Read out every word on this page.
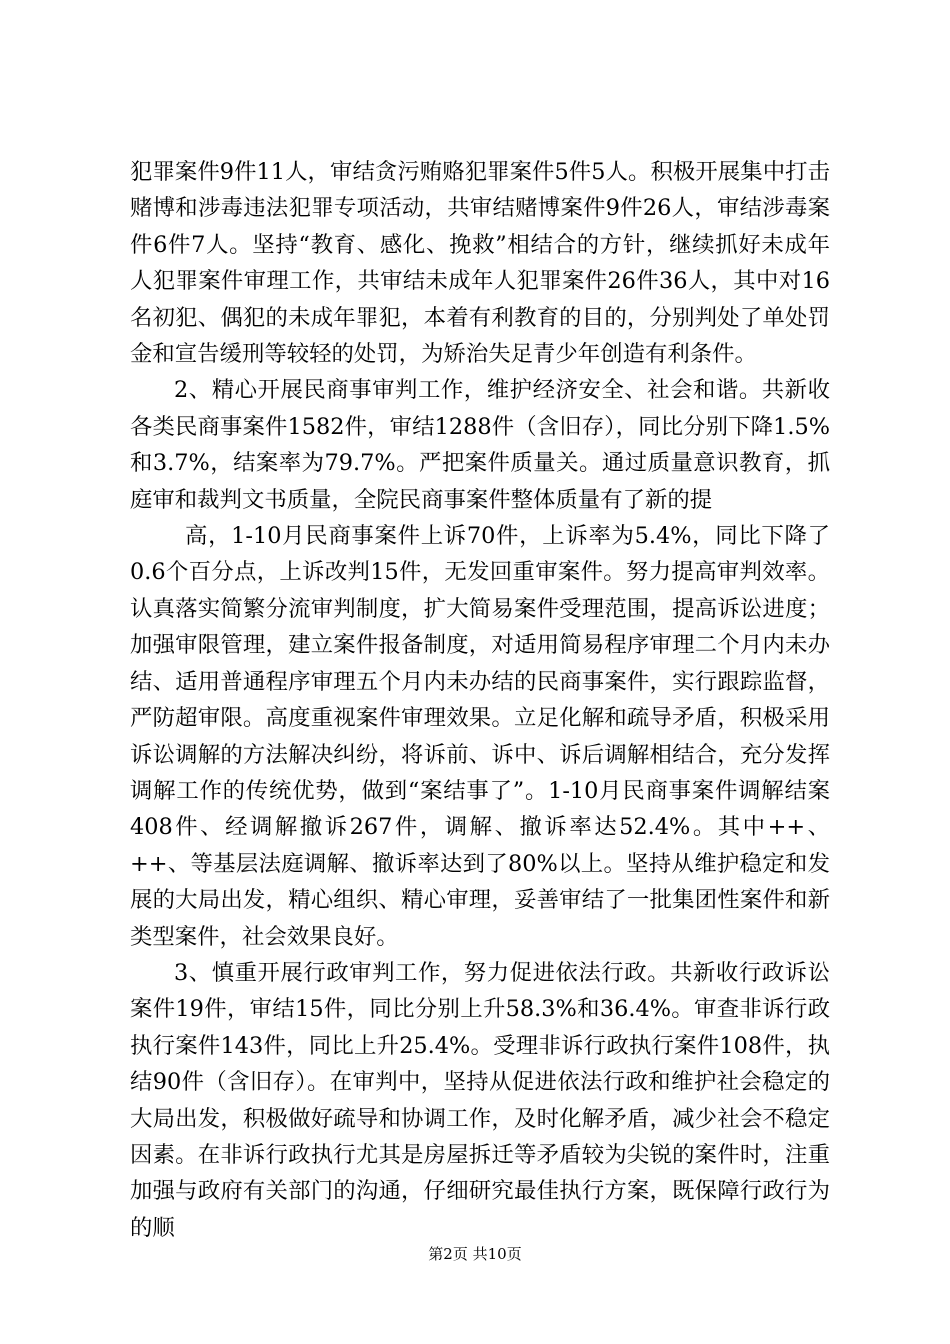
犯罪案件9件11人，审结贪污贿赂犯罪案件5件5人。积极开展集中打击赌博和涉毒违法犯罪专项活动，共审结赌博案件9件26人，审结涉毒案件6件7人。坚持“教育、感化、挽救”相结合的方针，继续抓好未成年人犯罪案件审理工作，共审结未成年人犯罪案件26件36人，其中对16名初犯、偶犯的未成年罪犯，本着有利教育的目的，分别判处了单处罚金和宣告缓刑等较轻的处罚，为矫治失足青少年创造有利条件。

2、精心开展民商事审判工作，维护经济安全、社会和谐。共新收各类民商事案件1582件，审结1288件（含旧存），同比分别下降1.5%和3.7%，结案率为79.7%。严把案件质量关。通过质量意识教育，抓庭审和裁判文书质量，全院民商事案件整体质量有了新的提

高，1-10月民商事案件上诉70件，上诉率为5.4%，同比下降了0.6个百分点，上诉改判15件，无发回重审案件。努力提高审判效率。认真落实简繁分流审判制度，扩大简易案件受理范围，提高诉讼进度；加强审限管理，建立案件报备制度，对适用简易程序审理二个月内未办结、适用普通程序审理五个月内未办结的民商事案件，实行跟踪监督，严防超审限。高度重视案件审理效果。立足化解和疏导矛盾，积极采用诉讼调解的方法解决纠纷，将诉前、诉中、诉后调解相结合，充分发挥调解工作的传统优势，做到“案结事了”。1-10月民商事案件调解结案408件、经调解撤诉267件，调解、撤诉率达52.4%。其中++、++、等基层法庭调解、撤诉率达到了80%以上。坚持从维护稳定和发展的大局出发，精心组织、精心审理，妥善审结了一批集团性案件和新类型案件，社会效果良好。

3、慎重开展行政审判工作，努力促进依法行政。共新收行政诉讼案件19件，审结15件，同比分别上升58.3%和36.4%。审查非诉行政执行案件143件，同比上升25.4%。受理非诉行政执行案件108件，执结90件（含旧存）。在审判中，坚持从促进依法行政和维护社会稳定的大局出发，积极做好疏导和协调工作，及时化解矛盾，减少社会不稳定因素。在非诉行政执行尤其是房屋拆迁等矛盾较为尖锐的案件时，注重加强与政府有关部门的沟通，仔细研究最佳执行方案，既保障行政行为的顺

第2页 共10页
